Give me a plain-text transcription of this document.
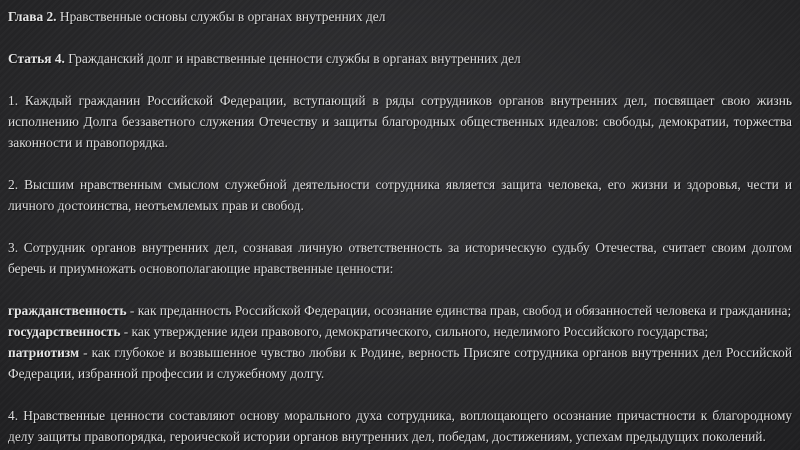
Глава 2. Нравственные основы службы в органах внутренних дел

Статья 4. Гражданский долг и нравственные ценности службы в органах внутренних дел

1. Каждый гражданин Российской Федерации, вступающий в ряды сотрудников органов внутренних дел, посвящает свою жизнь исполнению Долга беззаветного служения Отечеству и защиты благородных общественных идеалов: свободы, демократии, торжества законности и правопорядка.

2. Высшим нравственным смыслом служебной деятельности сотрудника является защита человека, его жизни и здоровья, чести и личного достоинства, неотъемлемых прав и свобод.

3. Сотрудник органов внутренних дел, сознавая личную ответственность за историческую судьбу Отечества, считает своим долгом беречь и приумножать основополагающие нравственные ценности:

гражданственность - как преданность Российской Федерации, осознание единства прав, свобод и обязанностей человека и гражданина;

государственность - как утверждение идеи правового, демократического, сильного, неделимого Российского государства;

патриотизм - как глубокое и возвышенное чувство любви к Родине, верность Присяге сотрудника органов внутренних дел Российской Федерации, избранной профессии и служебному долгу.

4. Нравственные ценности составляют основу морального духа сотрудника, воплощающего осознание причастности к благородному делу защиты правопорядка, героической истории органов внутренних дел, победам, достижениям, успехам предыдущих поколений.
